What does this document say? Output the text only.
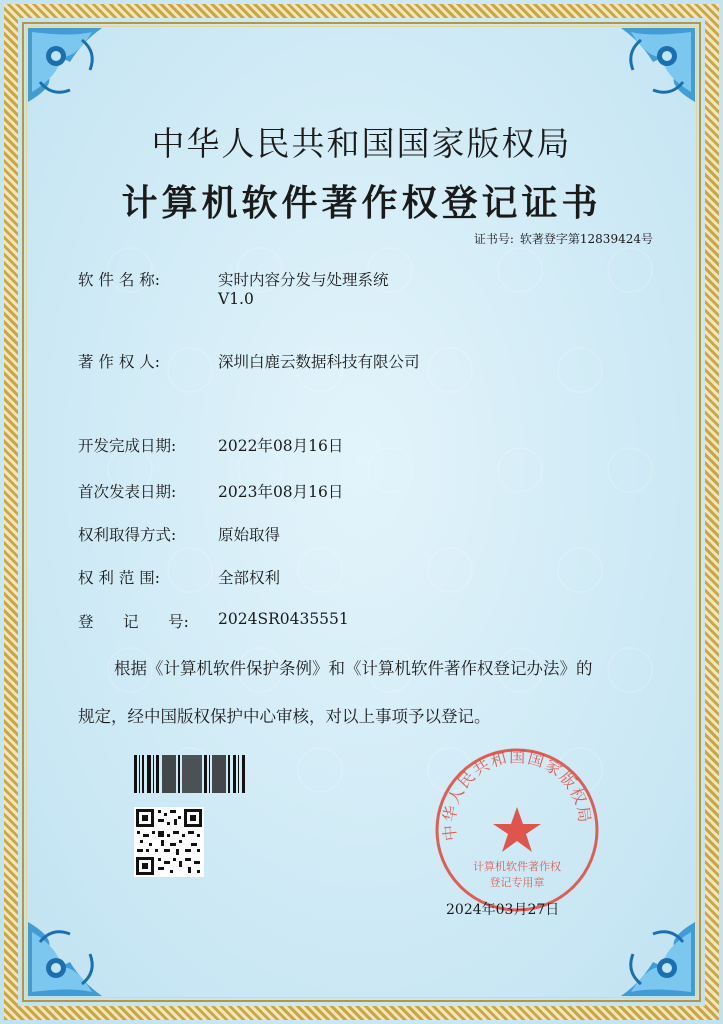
中华人民共和国国家版权局
计算机软件著作权登记证书
证书号: 软著登字第12839424号
软 件 名 称:	实时内容分发与处理系统
V1.0
著 作 权 人:	深圳白鹿云数据科技有限公司
开发完成日期:	2022年08月16日
首次发表日期:	2023年08月16日
权利取得方式:	原始取得
权 利 范 围:	全部权利
登      记      号:	2024SR0435551
根据《计算机软件保护条例》和《计算机软件著作权登记办法》的
规定，经中国版权保护中心审核，对以上事项予以登记。
中华人民共和国国家版权局
计算机软件著作权
登记专用章
2024年03月27日
